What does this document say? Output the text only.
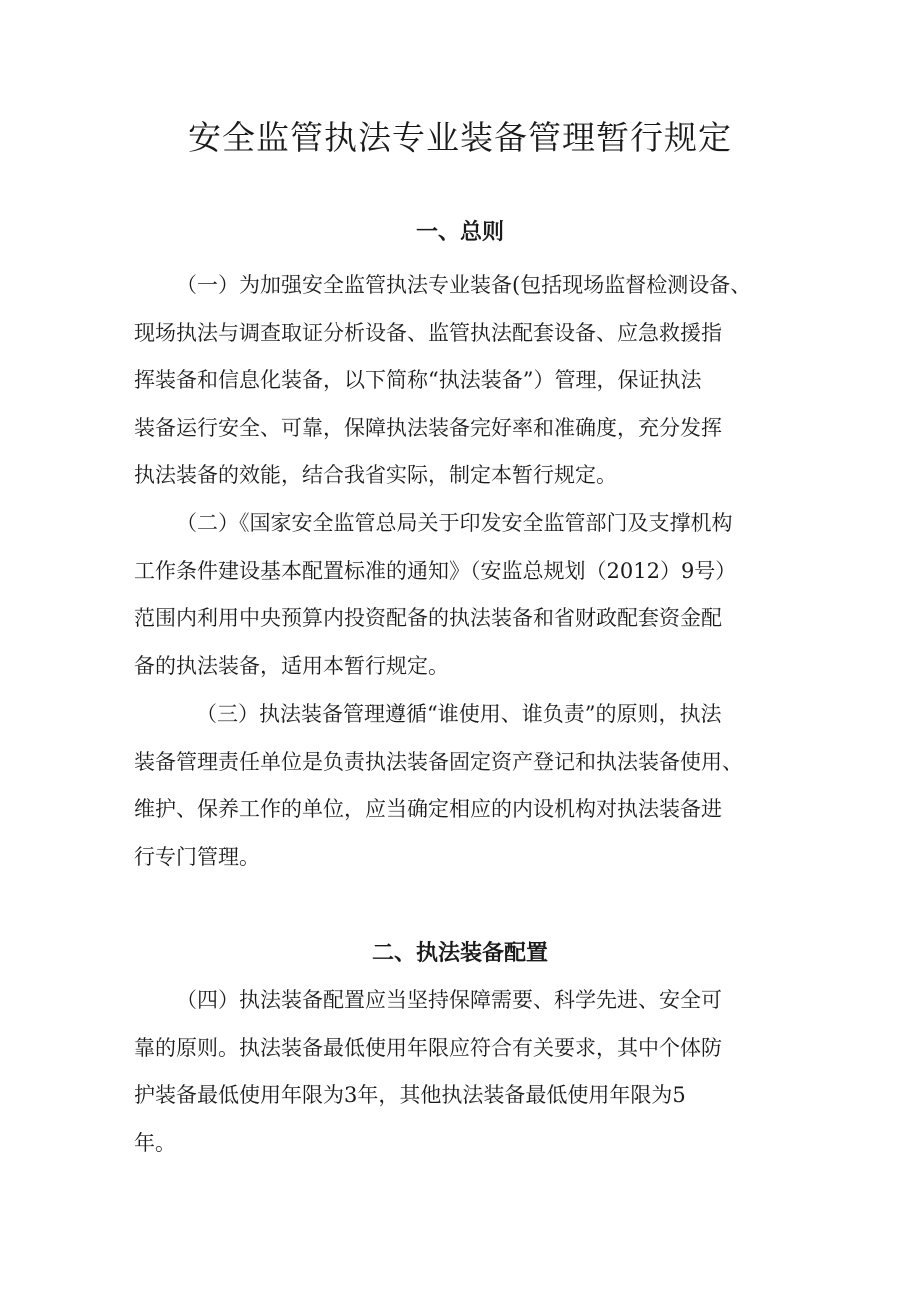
安全监管执法专业装备管理暂行规定
一、总则
（一）为加强安全监管执法专业装备(包括现场监督检测设备、
现场执法与调查取证分析设备、监管执法配套设备、应急救援指
挥装备和信息化装备，以下简称“执法装备”）管理，保证执法
装备运行安全、可靠，保障执法装备完好率和准确度，充分发挥
执法装备的效能，结合我省实际，制定本暂行规定。
（二）《国家安全监管总局关于印发安全监管部门及支撑机构
工作条件建设基本配置标准的通知》（安监总规划（2012）9号）
范围内利用中央预算内投资配备的执法装备和省财政配套资金配
备的执法装备，适用本暂行规定。
（三）执法装备管理遵循“谁使用、谁负责”的原则，执法
装备管理责任单位是负责执法装备固定资产登记和执法装备使用、
维护、保养工作的单位，应当确定相应的内设机构对执法装备进
行专门管理。
二、执法装备配置
（四）执法装备配置应当坚持保障需要、科学先进、安全可
靠的原则。执法装备最低使用年限应符合有关要求，其中个体防
护装备最低使用年限为3年，其他执法装备最低使用年限为5
年。
